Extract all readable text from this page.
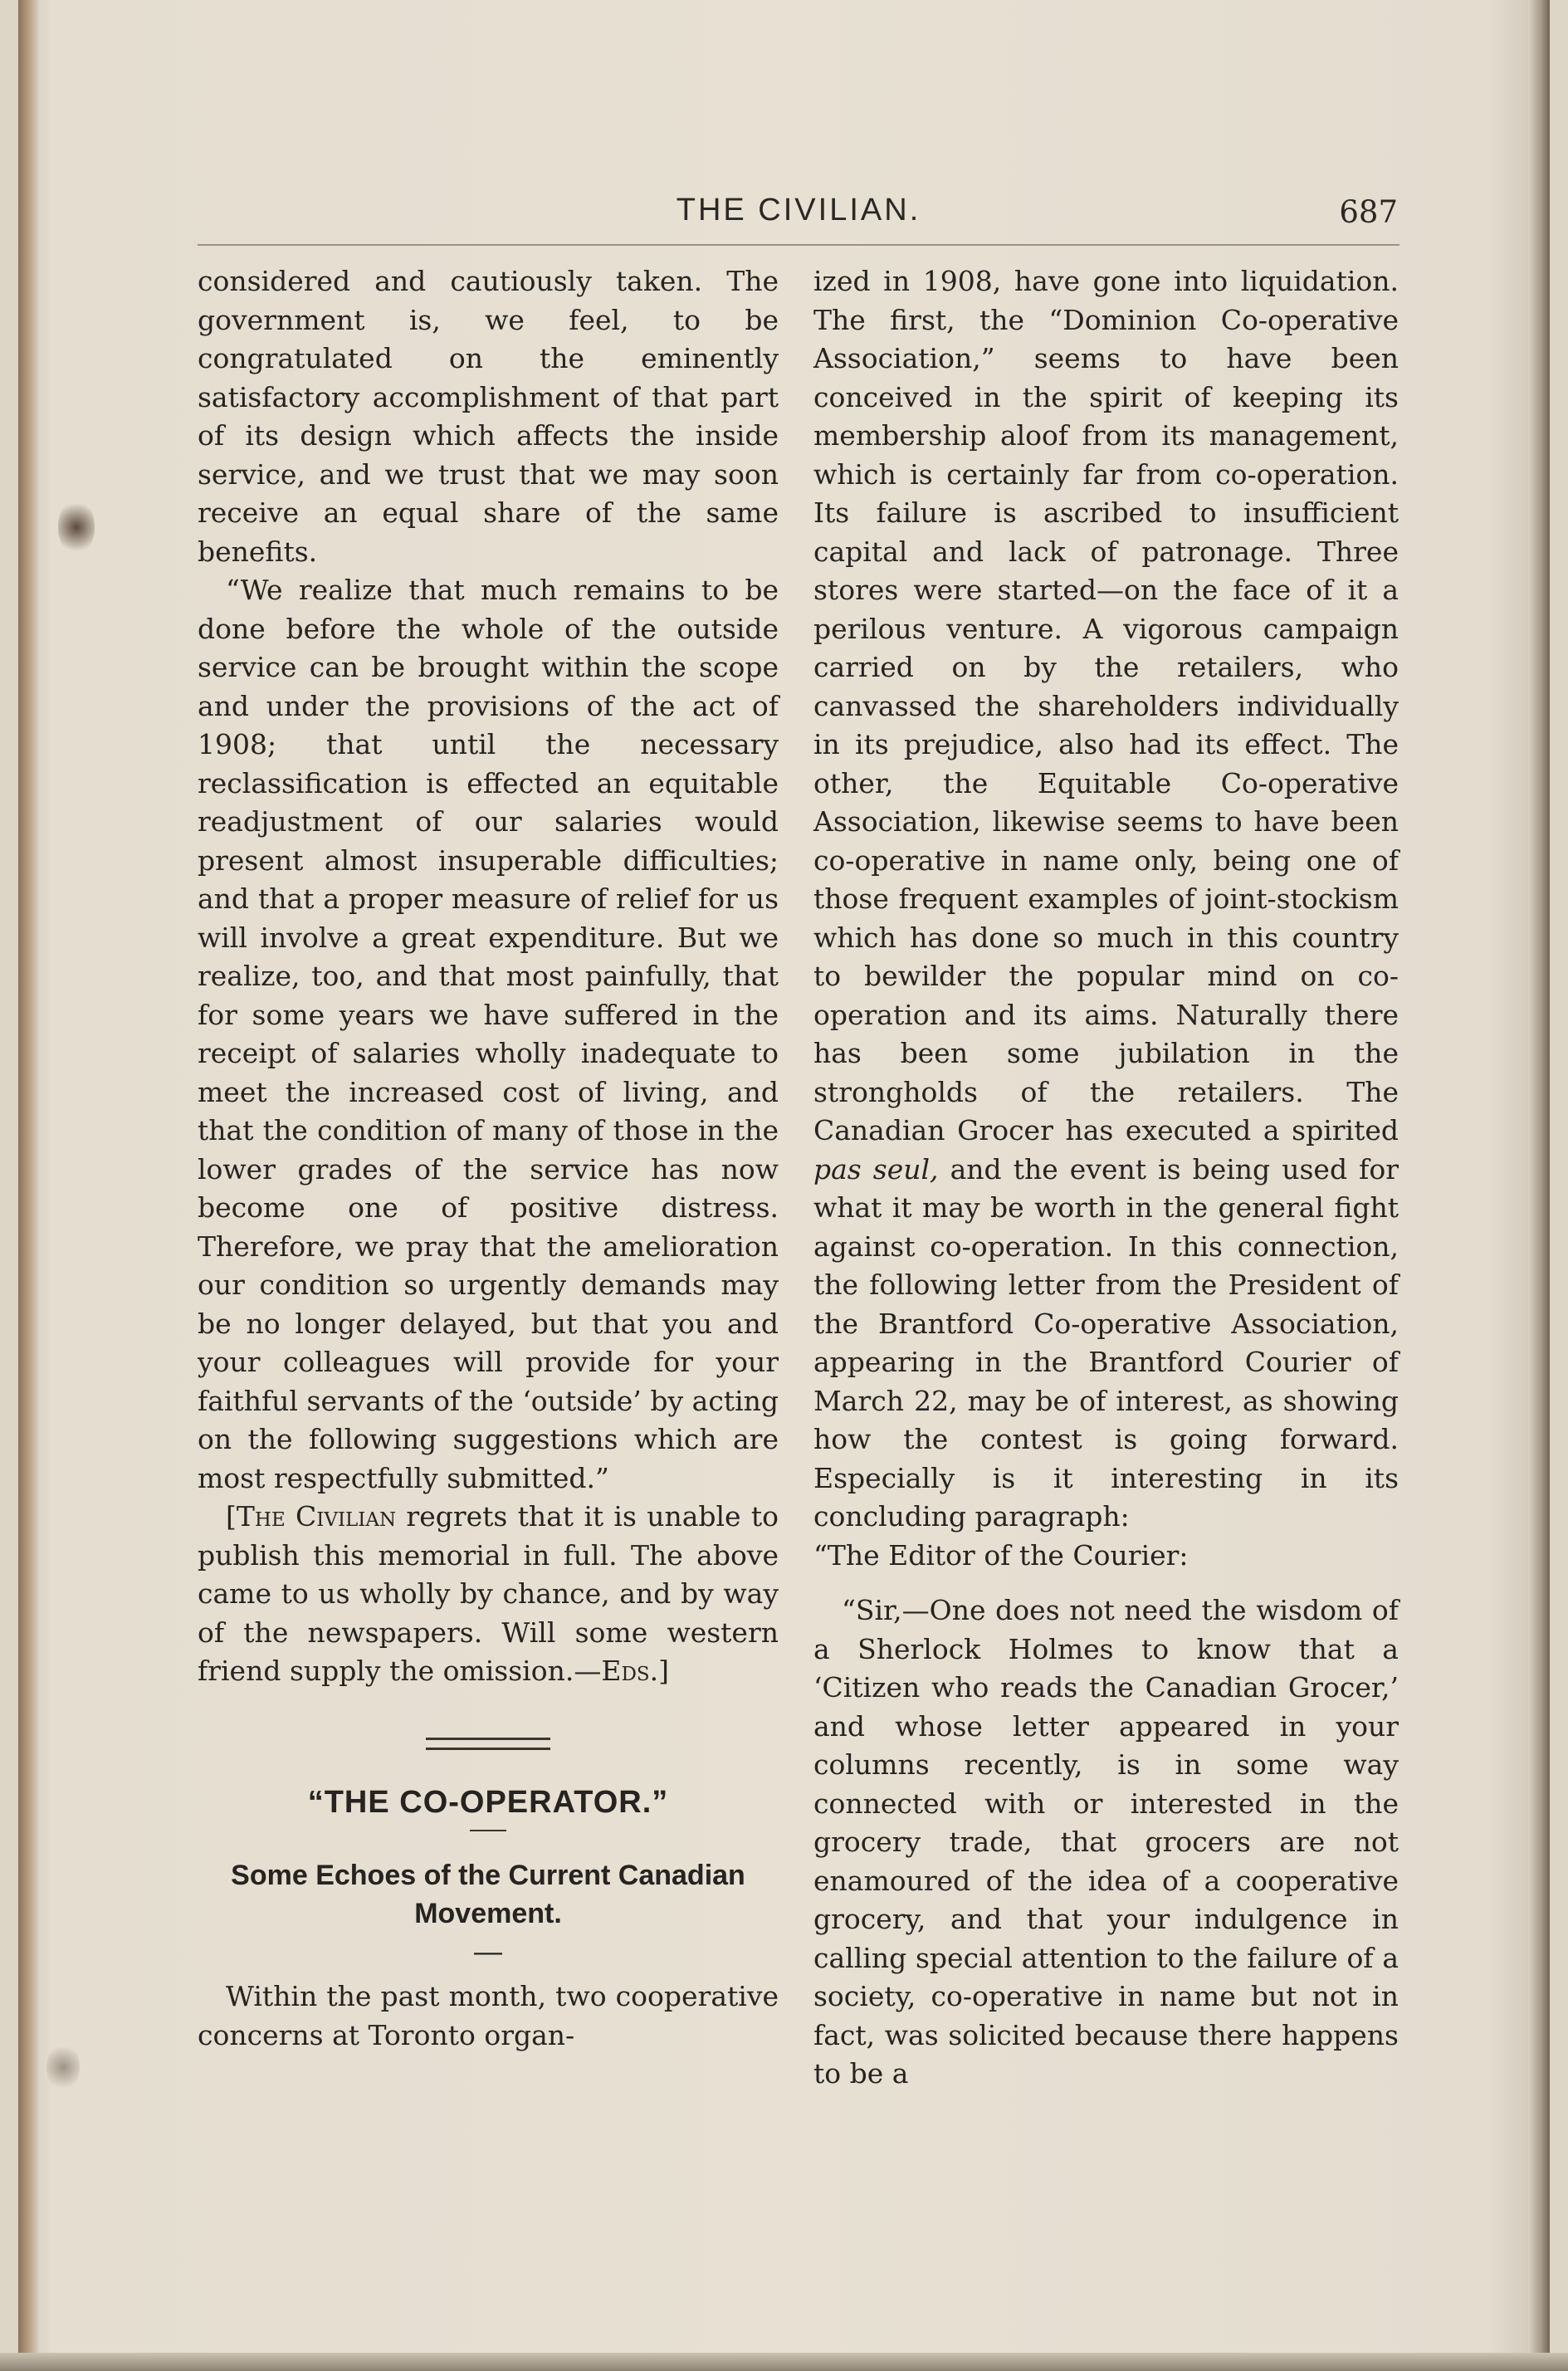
THE CIVILIAN.	687

considered and cautiously taken. The government is, we feel, to be congratulated on the eminently satisfactory accomplishment of that part of its design which affects the inside service, and we trust that we may soon receive an equal share of the same benefits.

“We realize that much remains to be done before the whole of the outside service can be brought within the scope and under the provisions of the act of 1908; that until the necessary reclassification is effected an equitable readjustment of our salaries would present almost insuperable difficulties; and that a proper measure of relief for us will involve a great expenditure. But we realize, too, and that most painfully, that for some years we have suffered in the receipt of salaries wholly inadequate to meet the increased cost of living, and that the condition of many of those in the lower grades of the service has now become one of positive distress. Therefore, we pray that the amelioration our condition so urgently demands may be no longer delayed, but that you and your colleagues will provide for your faithful servants of the ‘outside’ by acting on the following suggestions which are most respectfully submitted.”

[The Civilian regrets that it is unable to publish this memorial in full. The above came to us wholly by chance, and by way of the newspapers. Will some western friend supply the omission.—Eds.]

“THE CO-OPERATOR.”

Some Echoes of the Current Canadian Movement.

—

Within the past month, two cooperative concerns at Toronto organ-

ized in 1908, have gone into liquidation. The first, the “Dominion Co-operative Association,” seems to have been conceived in the spirit of keeping its membership aloof from its management, which is certainly far from co-operation. Its failure is ascribed to insufficient capital and lack of patronage. Three stores were started—on the face of it a perilous venture. A vigorous campaign carried on by the retailers, who canvassed the shareholders individually in its prejudice, also had its effect. The other, the Equitable Co-operative Association, likewise seems to have been co-operative in name only, being one of those frequent examples of joint-stockism which has done so much in this country to bewilder the popular mind on co-operation and its aims. Naturally there has been some jubilation in the strongholds of the retailers. The Canadian Grocer has executed a spirited pas seul, and the event is being used for what it may be worth in the general fight against co-operation. In this connection, the following letter from the President of the Brantford Co-operative Association, appearing in the Brantford Courier of March 22, may be of interest, as showing how the contest is going forward. Especially is it interesting in its concluding paragraph:

“The Editor of the Courier:

“Sir,—One does not need the wisdom of a Sherlock Holmes to know that a ‘Citizen who reads the Canadian Grocer,’ and whose letter appeared in your columns recently, is in some way connected with or interested in the grocery trade, that grocers are not enamoured of the idea of a cooperative grocery, and that your indulgence in calling special attention to the failure of a society, co-operative in name but not in fact, was solicited because there happens to be a
